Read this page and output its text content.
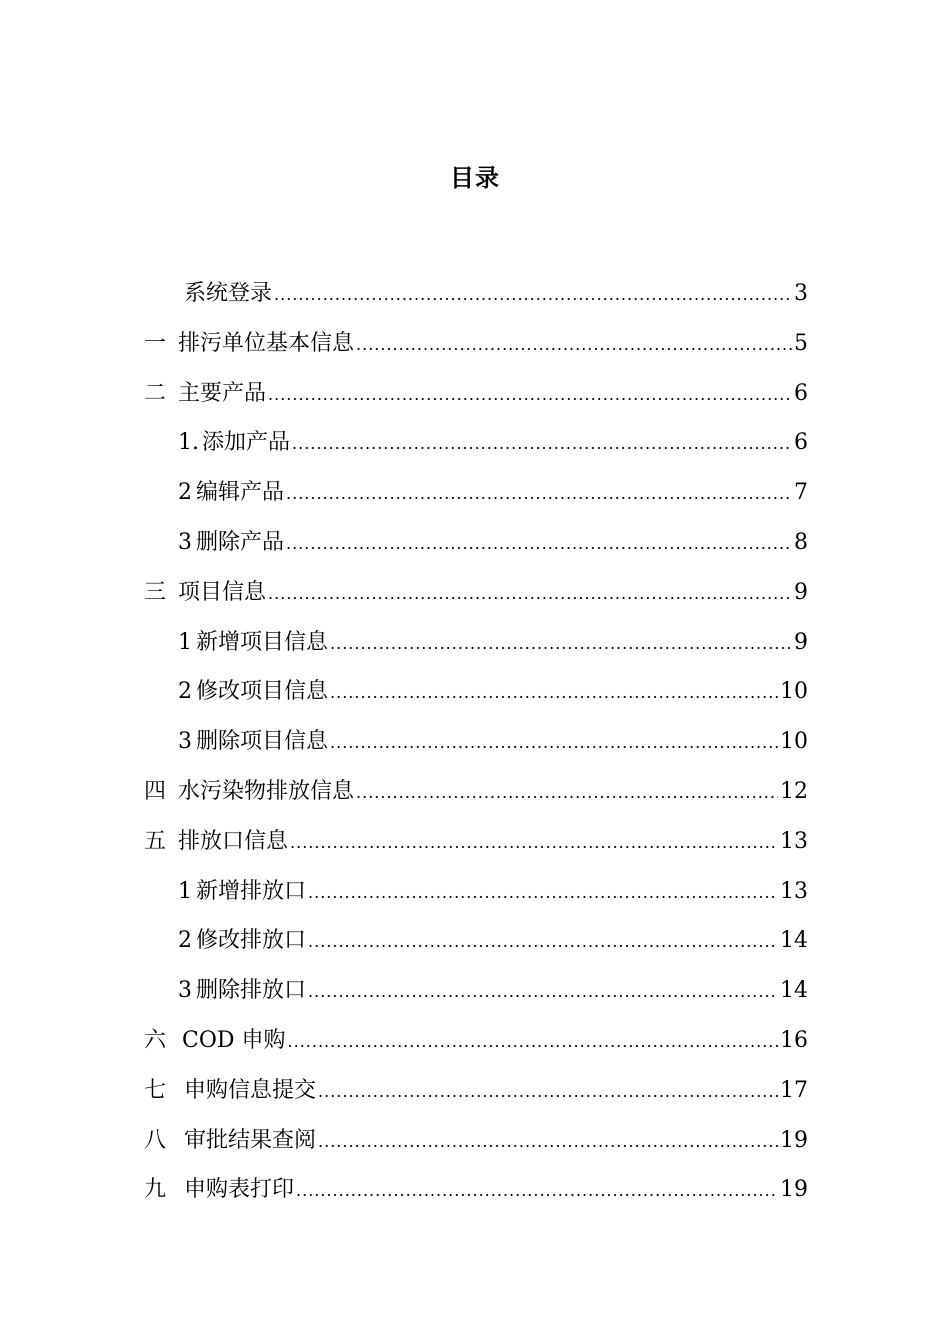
目录
系统登录 .....	3
一 排污单位基本信息 .....	5
二 主要产品 .....	6
1. 添加产品 .....	6
2 编辑产品 .....	7
3 删除产品 .....	8
三 项目信息 .....	9
1 新增项目信息 .....	9
2 修改项目信息 .....	10
3 删除项目信息 .....	10
四 水污染物排放信息 .....	12
五 排放口信息 .....	13
1 新增排放口 .....	13
2 修改排放口 .....	14
3 删除排放口 .....	14
六 COD 申购 .....	16
七 申购信息提交 .....	17
八 审批结果查阅 .....	19
九 申购表打印 .....	19
